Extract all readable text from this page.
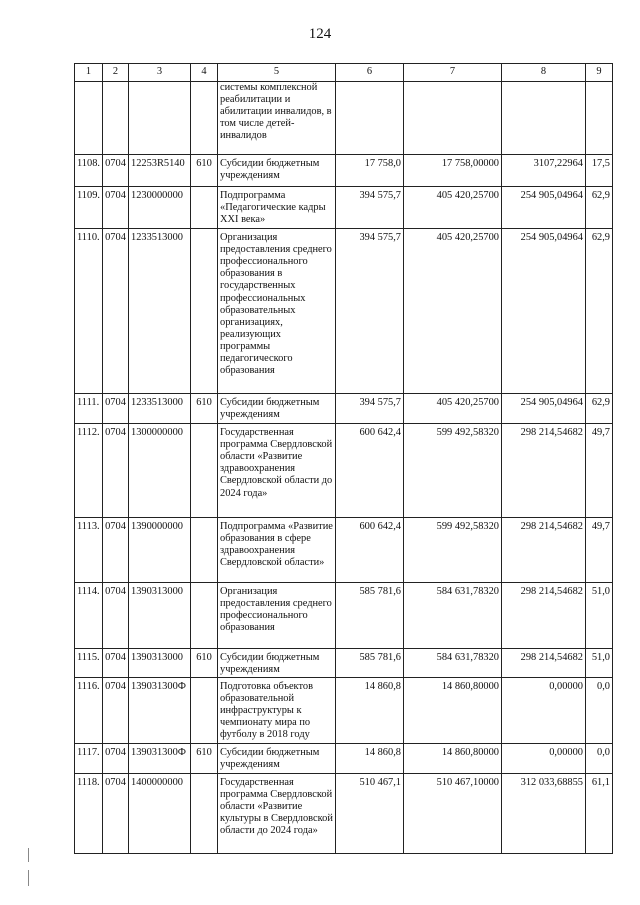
124
1	2	3	4	5	6	7	8	9
				системы комплексной реабилитации и абилитации инвалидов, в том числе детей-инвалидов				
1108.	0704	12253R5140	610	Субсидии бюджетным учреждениям	17 758,0	17 758,00000	3107,22964	17,5
1109.	0704	1230000000		Подпрограмма «Педагогические кадры XXI века»	394 575,7	405 420,25700	254 905,04964	62,9
1110.	0704	1233513000		Организация предоставления среднего профессионального образования в государственных профессиональных образовательных организациях, реализующих программы педагогического образования	394 575,7	405 420,25700	254 905,04964	62,9
1111.	0704	1233513000	610	Субсидии бюджетным учреждениям	394 575,7	405 420,25700	254 905,04964	62,9
1112.	0704	1300000000		Государственная программа Свердловской области «Развитие здравоохранения Свердловской области до 2024 года»	600 642,4	599 492,58320	298 214,54682	49,7
1113.	0704	1390000000		Подпрограмма «Развитие образования в сфере здравоохранения Свердловской области»	600 642,4	599 492,58320	298 214,54682	49,7
1114.	0704	1390313000		Организация предоставления среднего профессионального образования	585 781,6	584 631,78320	298 214,54682	51,0
1115.	0704	1390313000	610	Субсидии бюджетным учреждениям	585 781,6	584 631,78320	298 214,54682	51,0
1116.	0704	139031300Ф		Подготовка объектов образовательной инфраструктуры к чемпионату мира по футболу в 2018 году	14 860,8	14 860,80000	0,00000	0,0
1117.	0704	139031300Ф	610	Субсидии бюджетным учреждениям	14 860,8	14 860,80000	0,00000	0,0
1118.	0704	1400000000		Государственная программа Свердловской области «Развитие культуры в Свердловской области до 2024 года»	510 467,1	510 467,10000	312 033,68855	61,1
